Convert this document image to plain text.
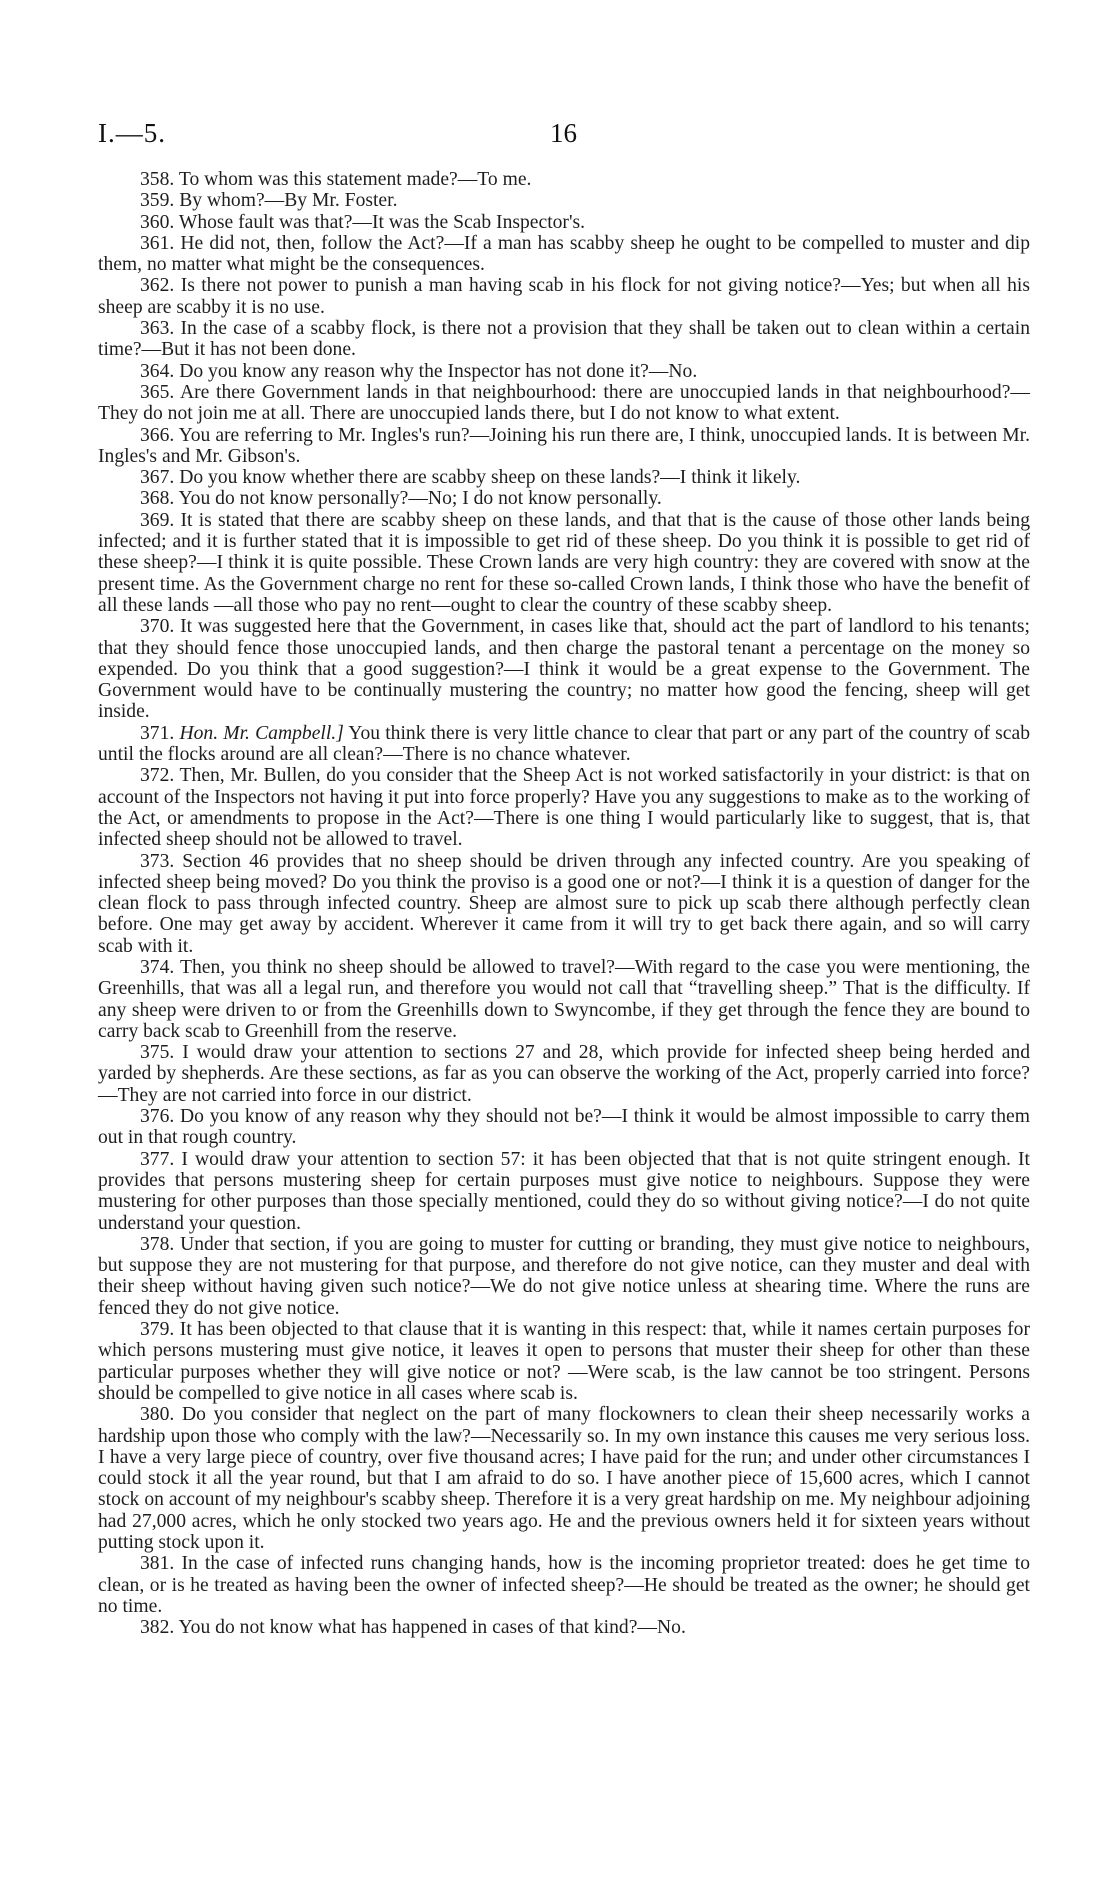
I.—5.	16

358. To whom was this statement made?—To me.

359. By whom?—By Mr. Foster.

360. Whose fault was that?—It was the Scab Inspector's.

361. He did not, then, follow the Act?—If a man has scabby sheep he ought to be compelled to muster and dip them, no matter what might be the consequences.

362. Is there not power to punish a man having scab in his flock for not giving notice?—Yes; but when all his sheep are scabby it is no use.

363. In the case of a scabby flock, is there not a provision that they shall be taken out to clean within a certain time?—But it has not been done.

364. Do you know any reason why the Inspector has not done it?—No.

365. Are there Government lands in that neighbourhood: there are unoccupied lands in that neighbourhood?—They do not join me at all. There are unoccupied lands there, but I do not know to what extent.

366. You are referring to Mr. Ingles's run?—Joining his run there are, I think, unoccupied lands. It is between Mr. Ingles's and Mr. Gibson's.

367. Do you know whether there are scabby sheep on these lands?—I think it likely.

368. You do not know personally?—No; I do not know personally.

369. It is stated that there are scabby sheep on these lands, and that that is the cause of those other lands being infected; and it is further stated that it is impossible to get rid of these sheep. Do you think it is possible to get rid of these sheep?—I think it is quite possible. These Crown lands are very high country: they are covered with snow at the present time. As the Government charge no rent for these so-called Crown lands, I think those who have the benefit of all these lands —all those who pay no rent—ought to clear the country of these scabby sheep.

370. It was suggested here that the Government, in cases like that, should act the part of landlord to his tenants; that they should fence those unoccupied lands, and then charge the pastoral tenant a percentage on the money so expended. Do you think that a good suggestion?—I think it would be a great expense to the Government. The Government would have to be continually mustering the country; no matter how good the fencing, sheep will get inside.

371. Hon. Mr. Campbell.] You think there is very little chance to clear that part or any part of the country of scab until the flocks around are all clean?—There is no chance whatever.

372. Then, Mr. Bullen, do you consider that the Sheep Act is not worked satisfactorily in your district: is that on account of the Inspectors not having it put into force properly? Have you any suggestions to make as to the working of the Act, or amendments to propose in the Act?—There is one thing I would particularly like to suggest, that is, that infected sheep should not be allowed to travel.

373. Section 46 provides that no sheep should be driven through any infected country. Are you speaking of infected sheep being moved? Do you think the proviso is a good one or not?—I think it is a question of danger for the clean flock to pass through infected country. Sheep are almost sure to pick up scab there although perfectly clean before. One may get away by accident. Wherever it came from it will try to get back there again, and so will carry scab with it.

374. Then, you think no sheep should be allowed to travel?—With regard to the case you were mentioning, the Greenhills, that was all a legal run, and therefore you would not call that “travelling sheep.” That is the difficulty. If any sheep were driven to or from the Greenhills down to Swyncombe, if they get through the fence they are bound to carry back scab to Greenhill from the reserve.

375. I would draw your attention to sections 27 and 28, which provide for infected sheep being herded and yarded by shepherds. Are these sections, as far as you can observe the working of the Act, properly carried into force?—They are not carried into force in our district.

376. Do you know of any reason why they should not be?—I think it would be almost impossible to carry them out in that rough country.

377. I would draw your attention to section 57: it has been objected that that is not quite stringent enough. It provides that persons mustering sheep for certain purposes must give notice to neighbours. Suppose they were mustering for other purposes than those specially mentioned, could they do so without giving notice?—I do not quite understand your question.

378. Under that section, if you are going to muster for cutting or branding, they must give notice to neighbours, but suppose they are not mustering for that purpose, and therefore do not give notice, can they muster and deal with their sheep without having given such notice?—We do not give notice unless at shearing time. Where the runs are fenced they do not give notice.

379. It has been objected to that clause that it is wanting in this respect: that, while it names certain purposes for which persons mustering must give notice, it leaves it open to persons that muster their sheep for other than these particular purposes whether they will give notice or not? —Were scab, is the law cannot be too stringent. Persons should be compelled to give notice in all cases where scab is.

380. Do you consider that neglect on the part of many flockowners to clean their sheep necessarily works a hardship upon those who comply with the law?—Necessarily so. In my own instance this causes me very serious loss. I have a very large piece of country, over five thousand acres; I have paid for the run; and under other circumstances I could stock it all the year round, but that I am afraid to do so. I have another piece of 15,600 acres, which I cannot stock on account of my neighbour's scabby sheep. Therefore it is a very great hardship on me. My neighbour adjoining had 27,000 acres, which he only stocked two years ago. He and the previous owners held it for sixteen years without putting stock upon it.

381. In the case of infected runs changing hands, how is the incoming proprietor treated: does he get time to clean, or is he treated as having been the owner of infected sheep?—He should be treated as the owner; he should get no time.

382. You do not know what has happened in cases of that kind?—No.
